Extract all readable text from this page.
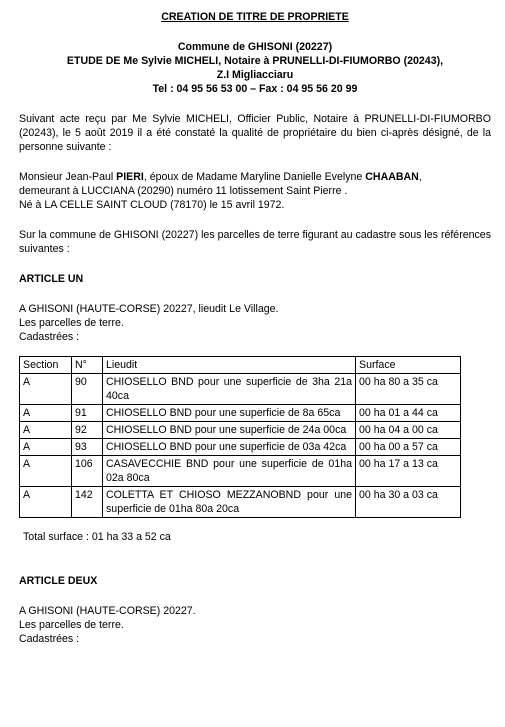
CREATION DE TITRE DE PROPRIETE

Commune de GHISONI (20227)

ETUDE DE Me Sylvie MICHELI, Notaire à PRUNELLI-DI-FIUMORBO (20243),

Z.I Migliacciaru

Tel : 04 95 56 53 00 – Fax : 04 95 56 20 99

Suivant acte reçu par Me Sylvie MICHELI, Officier Public, Notaire à PRUNELLI-DI-FIUMORBO (20243), le 5 août 2019 il a été constaté la qualité de propriétaire du bien ci-après désigné, de la personne suivante :

Monsieur Jean-Paul PIERI, époux de Madame Maryline Danielle Evelyne CHAABAN,

demeurant à LUCCIANA (20290) numéro 11 lotissement Saint Pierre .

Né à LA CELLE SAINT CLOUD (78170) le 15 avril 1972.

Sur la commune de GHISONI (20227) les parcelles de terre figurant au cadastre sous les références suivantes :

ARTICLE UN

A GHISONI (HAUTE-CORSE) 20227, lieudit Le Village.

Les parcelles de terre.

Cadastrées :

Section	N°	Lieudit	Surface
A	90	CHIOSELLO BND pour une superficie de 3ha 21a 40ca	00 ha 80 a 35 ca
A	91	CHIOSELLO BND pour une superficie de 8a 65ca	00 ha 01 a 44 ca
A	92	CHIOSELLO BND pour une superficie de 24a 00ca	00 ha 04 a 00 ca
A	93	CHIOSELLO BND pour une superficie de 03a 42ca	00 ha 00 a 57 ca
A	106	CASAVECCHIE BND pour une superficie de 01ha 02a 80ca	00 ha 17 a 13 ca
A	142	COLETTA ET CHIOSO MEZZANOBND pour une superficie de 01ha 80a 20ca	00 ha 30 a 03 ca

Total surface : 01 ha 33 a 52 ca

ARTICLE DEUX

A GHISONI (HAUTE-CORSE) 20227.

Les parcelles de terre.

Cadastrées :
